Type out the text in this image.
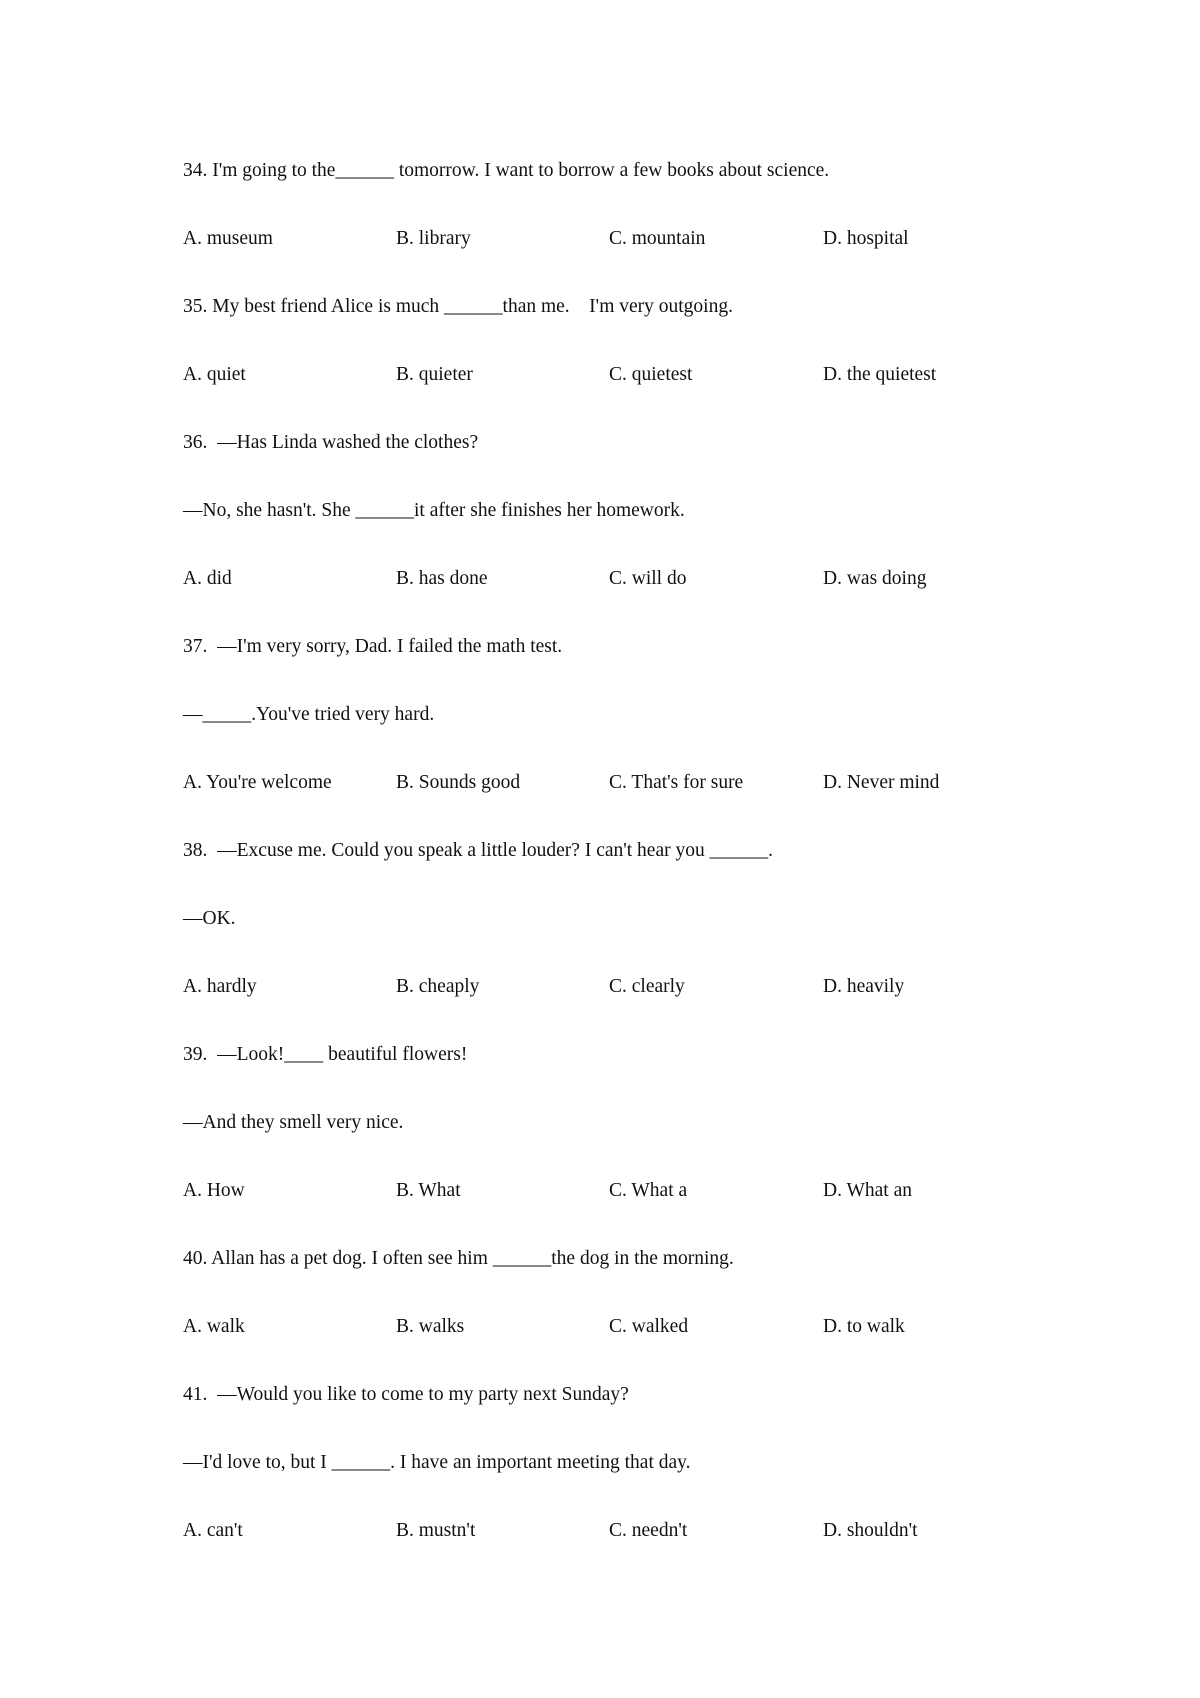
34. I'm going to the______ tomorrow. I want to borrow a few books about science.

A. museum

	B. library

	C. mountain

	D. hospital

35. My best friend Alice is much ______than me.    I'm very outgoing.

A. quiet

	B. quieter

	C. quietest

	D. the quietest

36.  —Has Linda washed the clothes?
—No, she hasn't. She ______it after she finishes her homework.

A. did

	B. has done

	C. will do

	D. was doing

37.  —I'm very sorry, Dad. I failed the math test.
—_____.You've tried very hard.

A. You're welcome

	B. Sounds good

	C. That's for sure

	D. Never mind

38.  —Excuse me. Could you speak a little louder? I can't hear you ______.
—OK.

A. hardly

	B. cheaply

	C. clearly

	D. heavily

39.  —Look!____ beautiful flowers!
—And they smell very nice.

A. How

	B. What

	C. What a

	D. What an

40. Allan has a pet dog. I often see him ______the dog in the morning.

A. walk

	B. walks

	C. walked

	D. to walk

41.  —Would you like to come to my party next Sunday?
—I'd love to, but I ______. I have an important meeting that day.

A. can't

	B. mustn't

	C. needn't

	D. shouldn't
